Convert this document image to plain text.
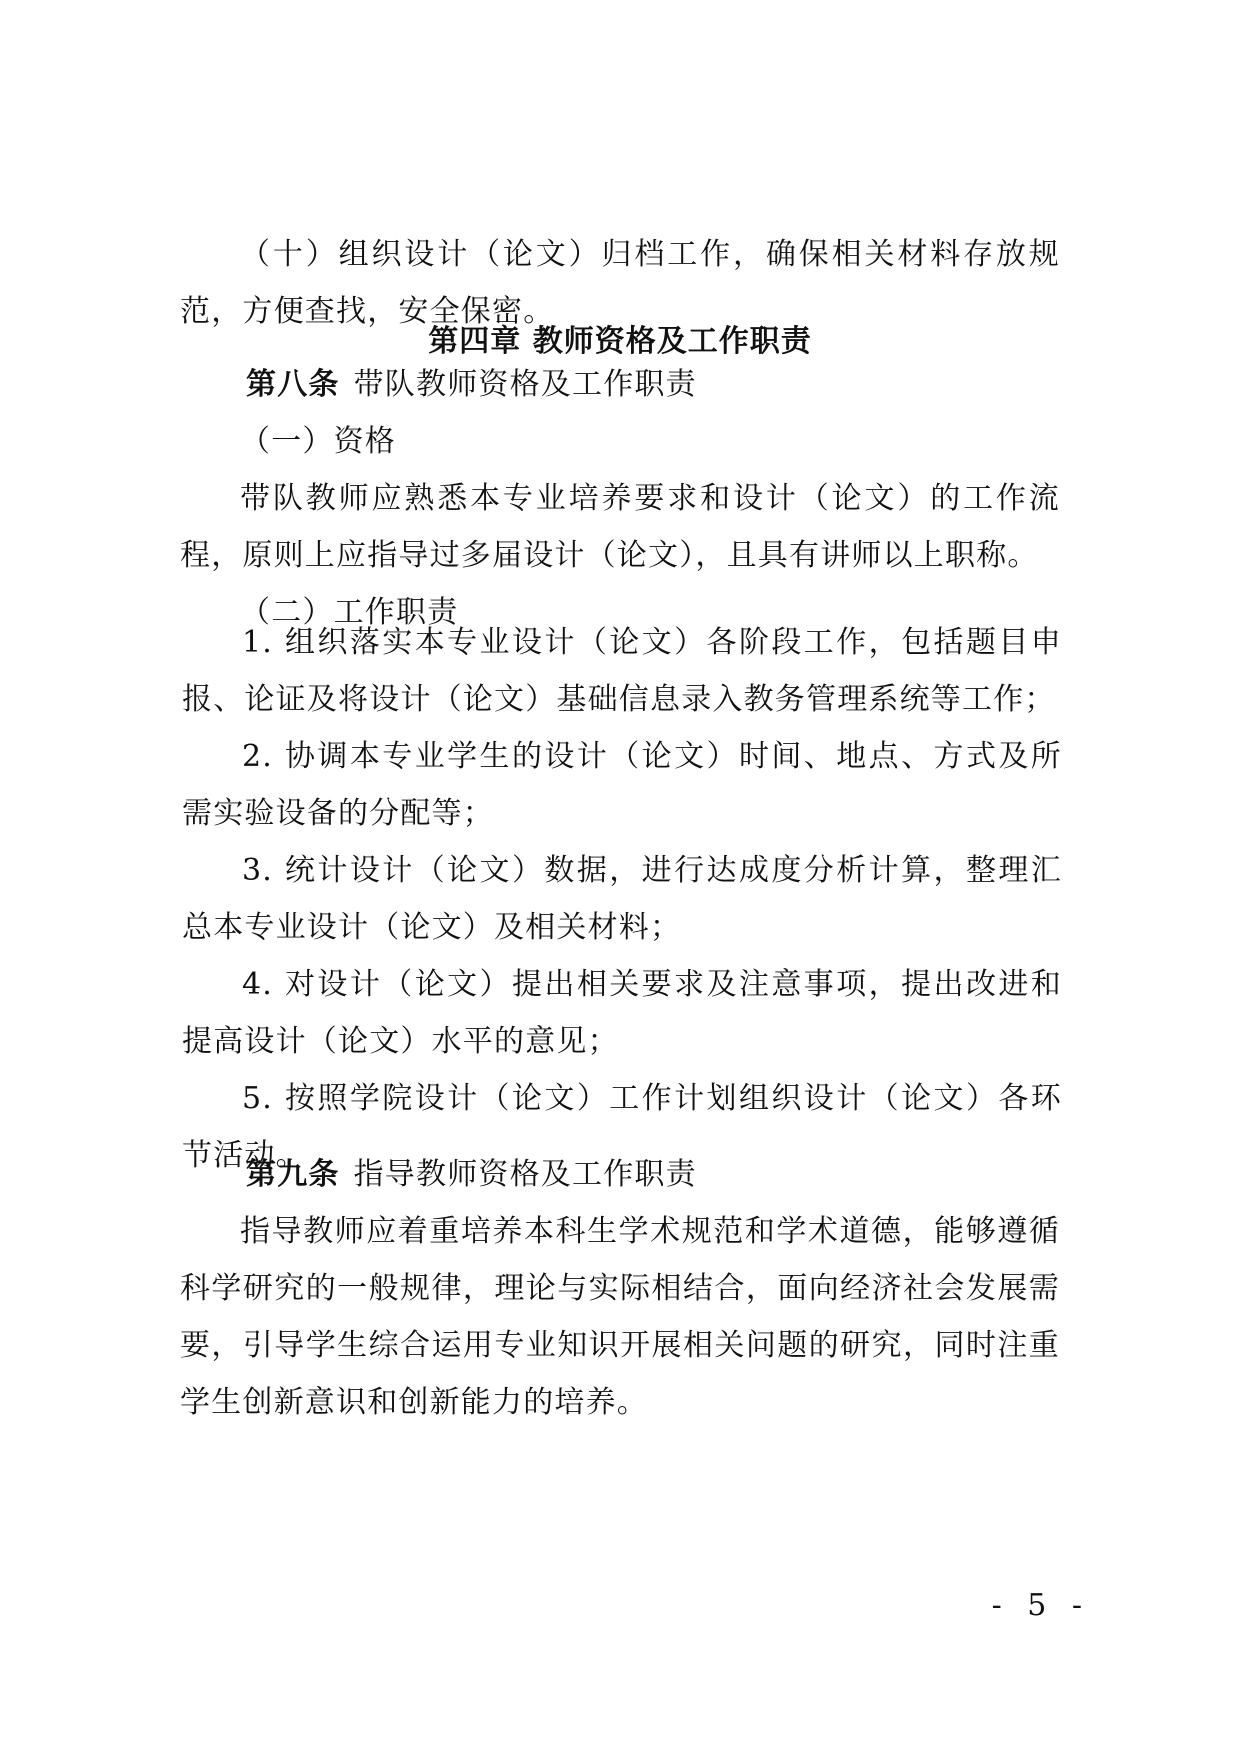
（十）组织设计（论文）归档工作，确保相关材料存放规范，方便查找，安全保密。

第四章 教师资格及工作职责

第八条 带队教师资格及工作职责

（一）资格

带队教师应熟悉本专业培养要求和设计（论文）的工作流程，原则上应指导过多届设计（论文），且具有讲师以上职称。

（二）工作职责

1. 组织落实本专业设计（论文）各阶段工作，包括题目申报、论证及将设计（论文）基础信息录入教务管理系统等工作；

2. 协调本专业学生的设计（论文）时间、地点、方式及所需实验设备的分配等；

3. 统计设计（论文）数据，进行达成度分析计算，整理汇总本专业设计（论文）及相关材料；

4. 对设计（论文）提出相关要求及注意事项，提出改进和提高设计（论文）水平的意见；

5. 按照学院设计（论文）工作计划组织设计（论文）各环节活动。

第九条 指导教师资格及工作职责

指导教师应着重培养本科生学术规范和学术道德，能够遵循科学研究的一般规律，理论与实际相结合，面向经济社会发展需要，引导学生综合运用专业知识开展相关问题的研究，同时注重学生创新意识和创新能力的培养。

- 5 -
